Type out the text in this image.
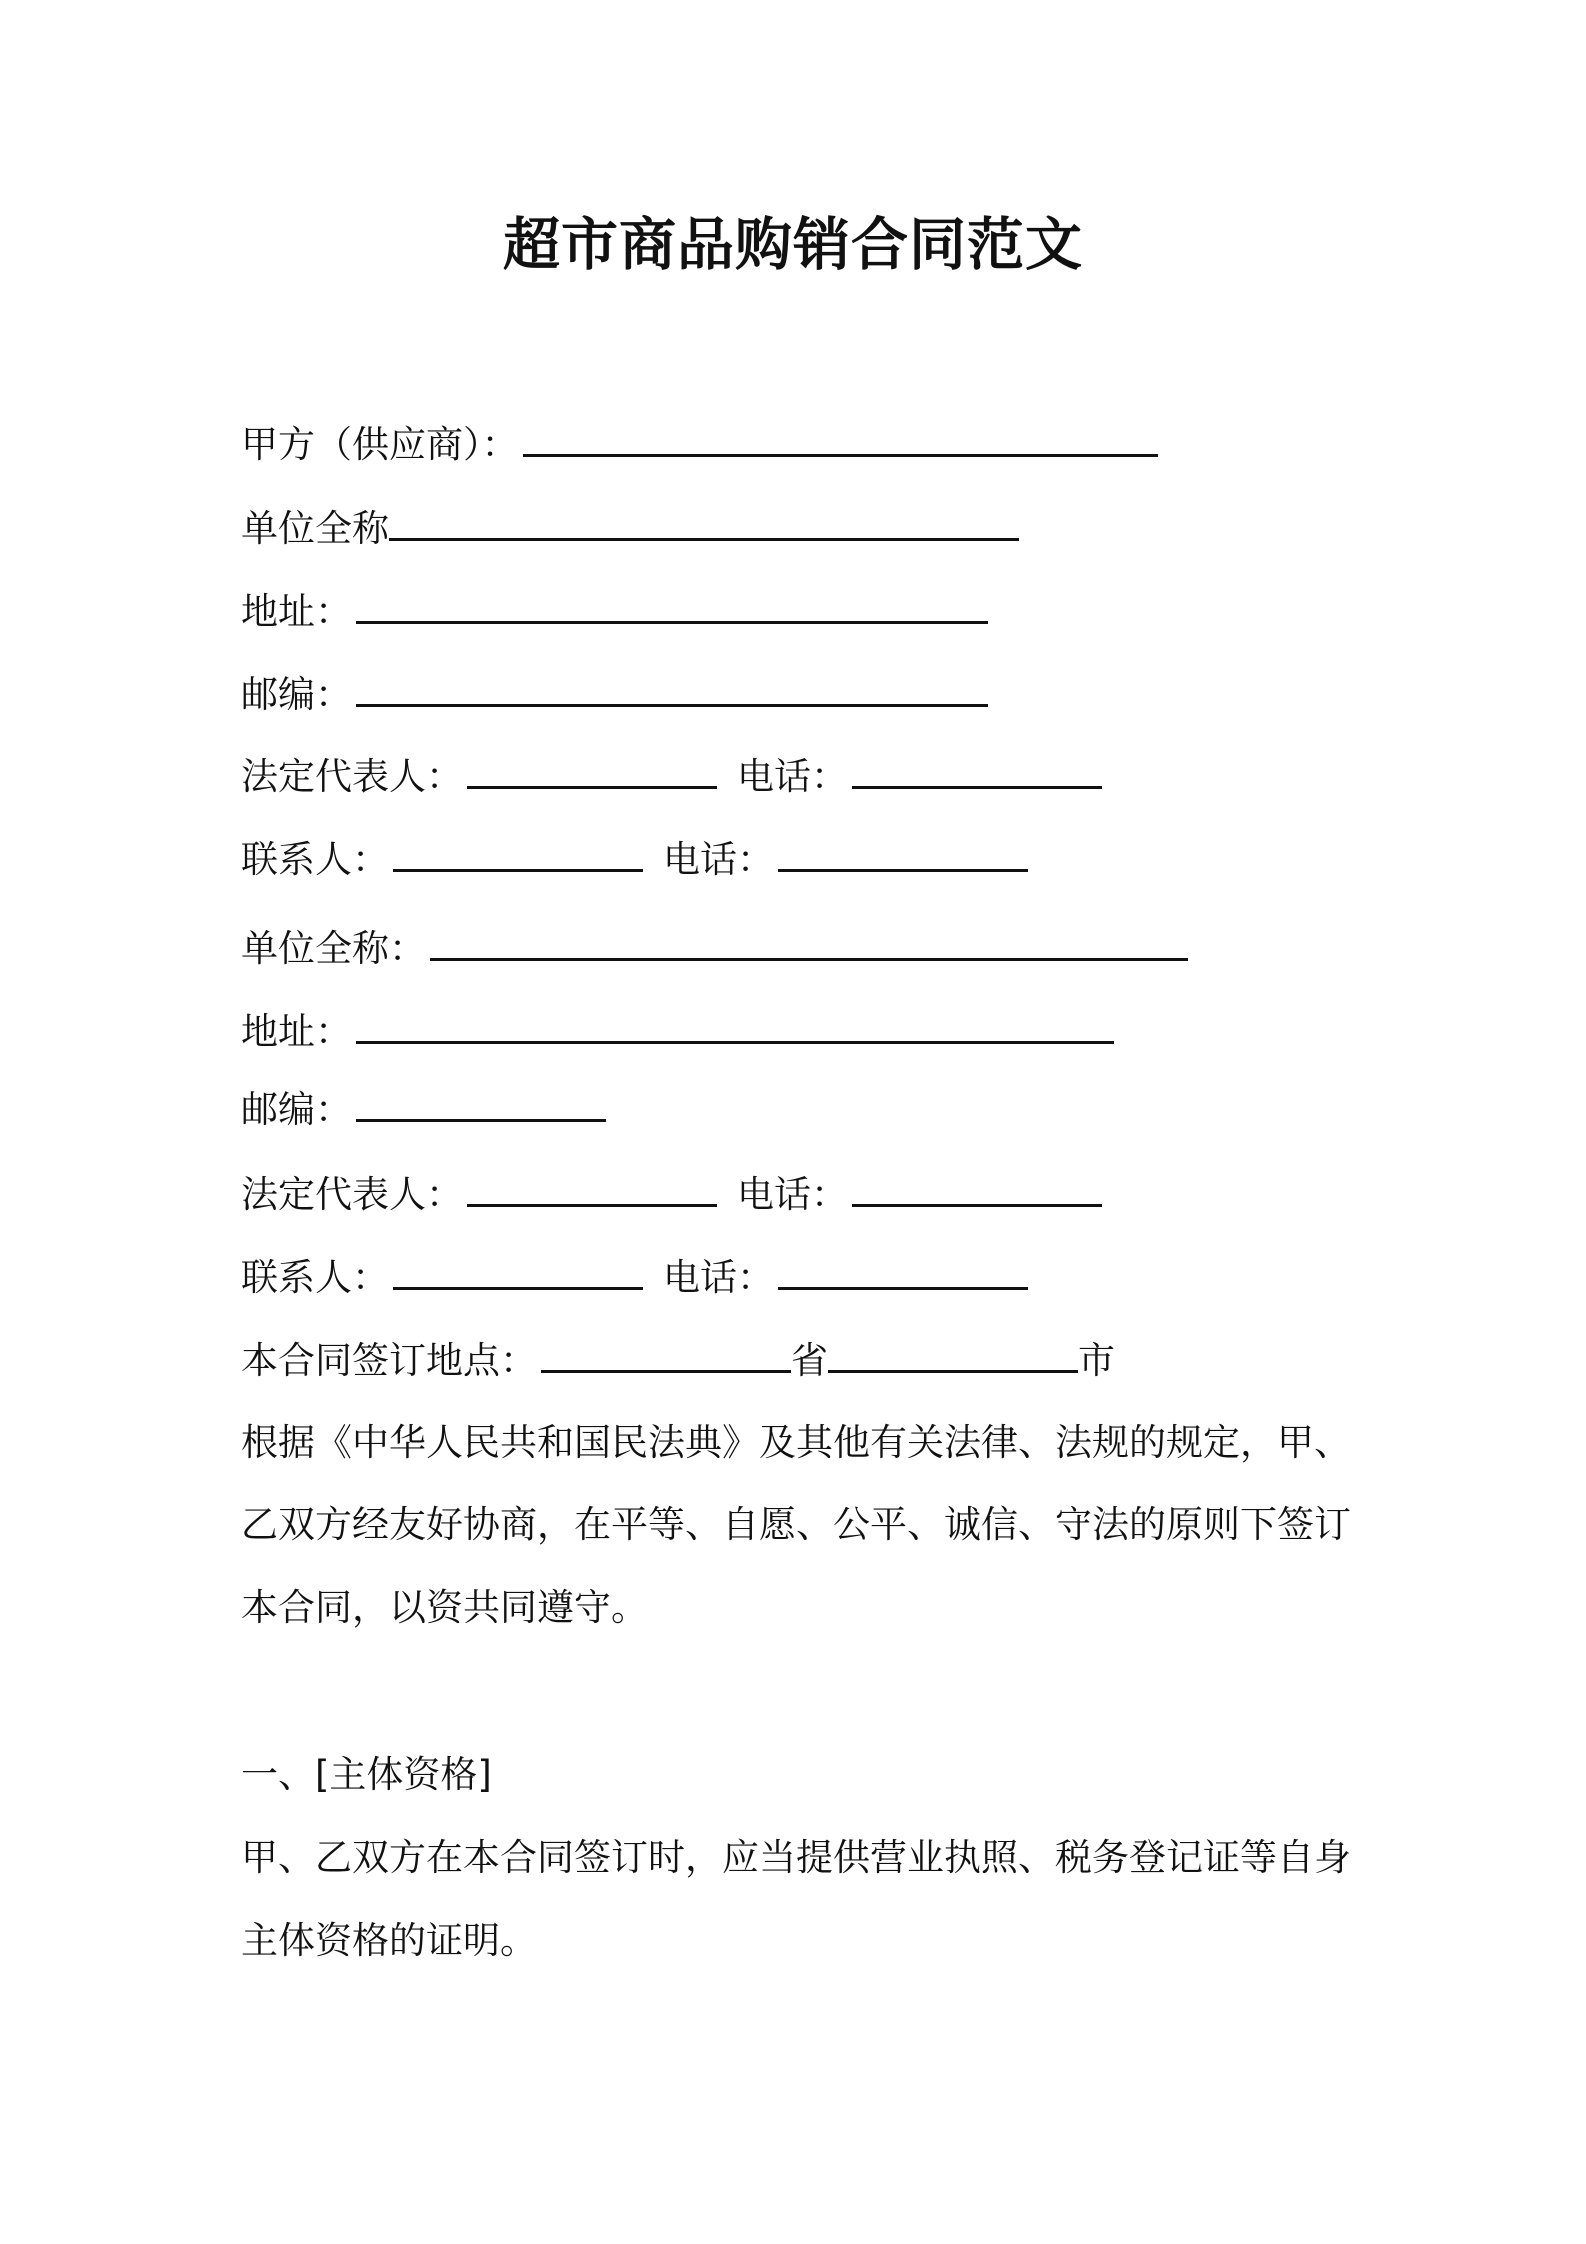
超市商品购销合同范文
甲方（供应商）：
单位全称
地址：
邮编：
法定代表人：	电话：
联系人：	电话：
单位全称：
地址：
邮编：
法定代表人：	电话：
联系人：	电话：
本合同签订地点：	省	市
根据《中华人民共和国民法典》及其他有关法律、法规的规定，甲、
乙双方经友好协商，在平等、自愿、公平、诚信、守法的原则下签订
本合同，以资共同遵守。
一、[主体资格]
甲、乙双方在本合同签订时，应当提供营业执照、税务登记证等自身
主体资格的证明。
